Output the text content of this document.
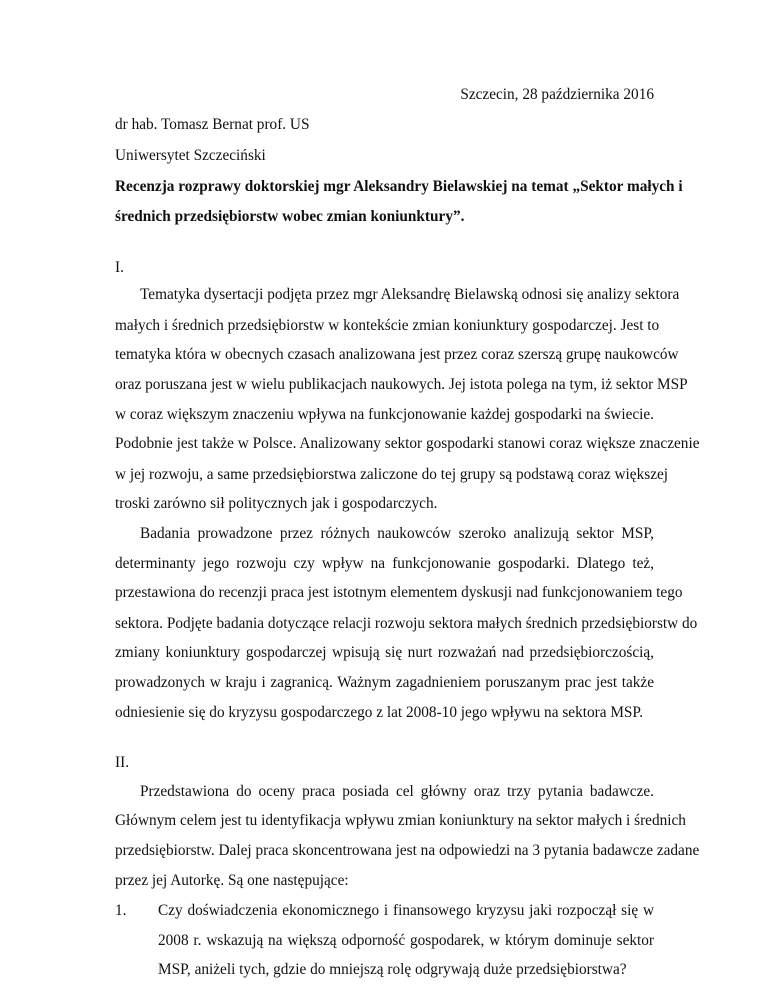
Szczecin, 28 października 2016
dr hab. Tomasz Bernat prof. US
Uniwersytet Szczeciński
Recenzja rozprawy doktorskiej mgr Aleksandry Bielawskiej na temat „Sektor małych i
średnich przedsiębiorstw wobec zmian koniunktury”.
I.
Tematyka dysertacji podjęta przez mgr Aleksandrę Bielawską odnosi się analizy sektora
małych i średnich przedsiębiorstw w kontekście zmian koniunktury gospodarczej. Jest to
tematyka która w obecnych czasach analizowana jest przez coraz szerszą grupę naukowców
oraz poruszana jest w wielu publikacjach naukowych. Jej istota polega na tym, iż sektor MSP
w coraz większym znaczeniu wpływa na funkcjonowanie każdej gospodarki na świecie.
Podobnie jest także w Polsce. Analizowany sektor gospodarki stanowi coraz większe znaczenie
w jej rozwoju, a same przedsiębiorstwa zaliczone do tej grupy są podstawą coraz większej
troski zarówno sił politycznych jak i gospodarczych.
Badania prowadzone przez różnych naukowców szeroko analizują sektor MSP,
determinanty jego rozwoju czy wpływ na funkcjonowanie gospodarki. Dlatego też,
przestawiona do recenzji praca jest istotnym elementem dyskusji nad funkcjonowaniem tego
sektora. Podjęte badania dotyczące relacji rozwoju sektora małych średnich przedsiębiorstw do
zmiany koniunktury gospodarczej wpisują się nurt rozważań nad przedsiębiorczością,
prowadzonych w kraju i zagranicą. Ważnym zagadnieniem poruszanym prac jest także
odniesienie się do kryzysu gospodarczego z lat 2008-10 jego wpływu na sektora MSP.
II.
Przedstawiona do oceny praca posiada cel główny oraz trzy pytania badawcze.
Głównym celem jest tu identyfikacja wpływu zmian koniunktury na sektor małych i średnich
przedsiębiorstw. Dalej praca skoncentrowana jest na odpowiedzi na 3 pytania badawcze zadane
przez jej Autorkę. Są one następujące:
1. Czy doświadczenia ekonomicznego i finansowego kryzysu jaki rozpoczął się w
2008 r. wskazują na większą odporność gospodarek, w którym dominuje sektor
MSP, aniżeli tych, gdzie do mniejszą rolę odgrywają duże przedsiębiorstwa?
